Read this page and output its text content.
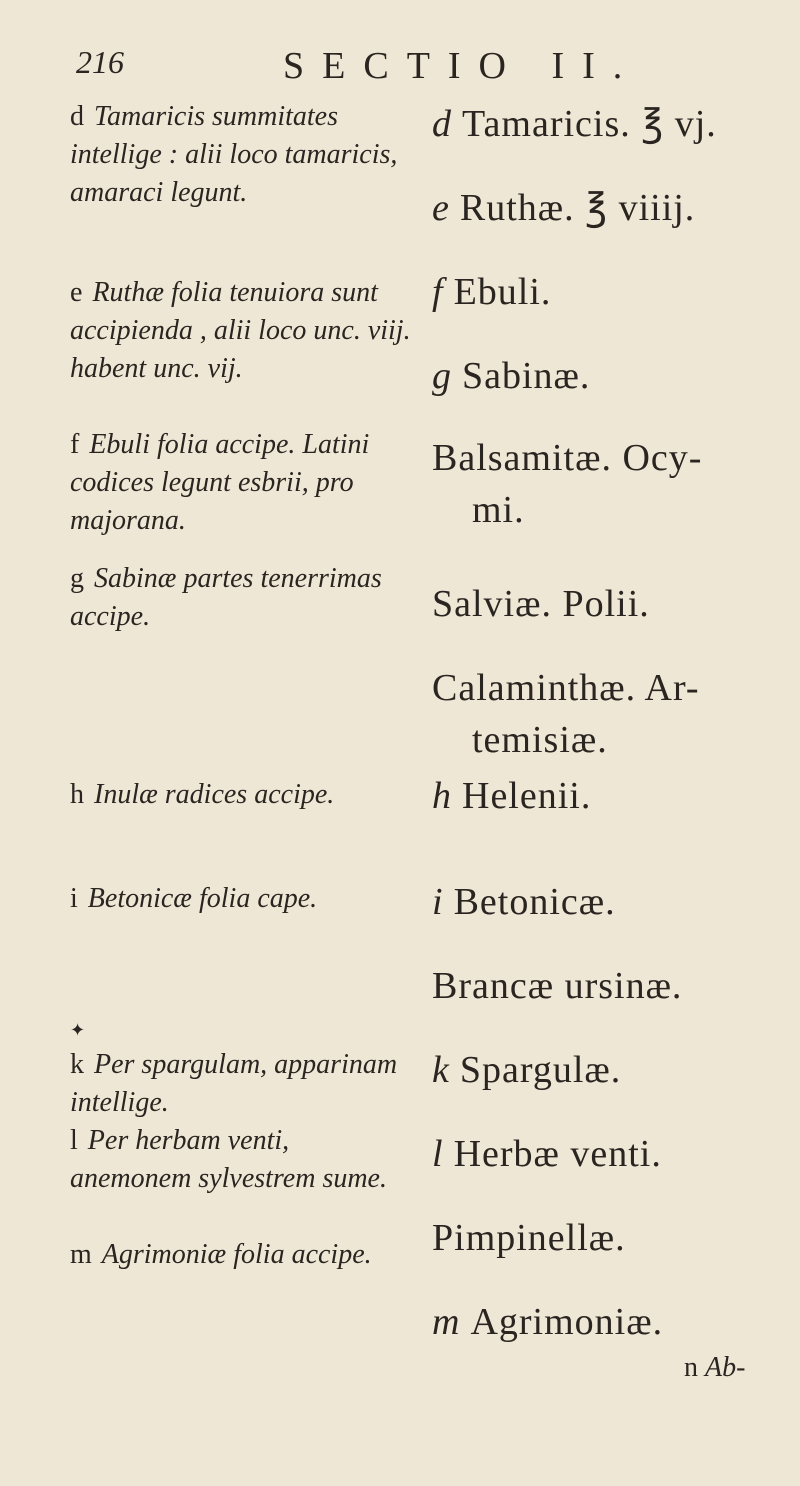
216	SECTIO II.
d Tamaricis summitates intellige : alii loco tamaricis, amaraci legunt.
e Ruthæ folia tenuiora sunt accipienda , alii loco unc. viij. habent unc. vij.
f Ebuli folia accipe. Latini codices legunt esbrii, pro majorana.
g Sabinæ partes tenerrimas accipe.
h Inulæ radices accipe.
i Betonicæ folia cape.
k Per spargulam, apparinam intellige.
l Per herbam venti, anemonem sylvestrem sume.
m Agrimoniæ folia accipe.
✦
d Tamaricis. ℥ vj.
e Ruthæ. ℥ viiij.
f Ebuli.
g Sabinæ.
Balsamitæ. Ocy-
mi.
Salviæ. Polii.
Calaminthæ. Ar-
temisiæ.
h Helenii.
i Betonicæ.
Brancæ ursinæ.
k Spargulæ.
l Herbæ venti.
Pimpinellæ.
m Agrimoniæ.
n Ab-
